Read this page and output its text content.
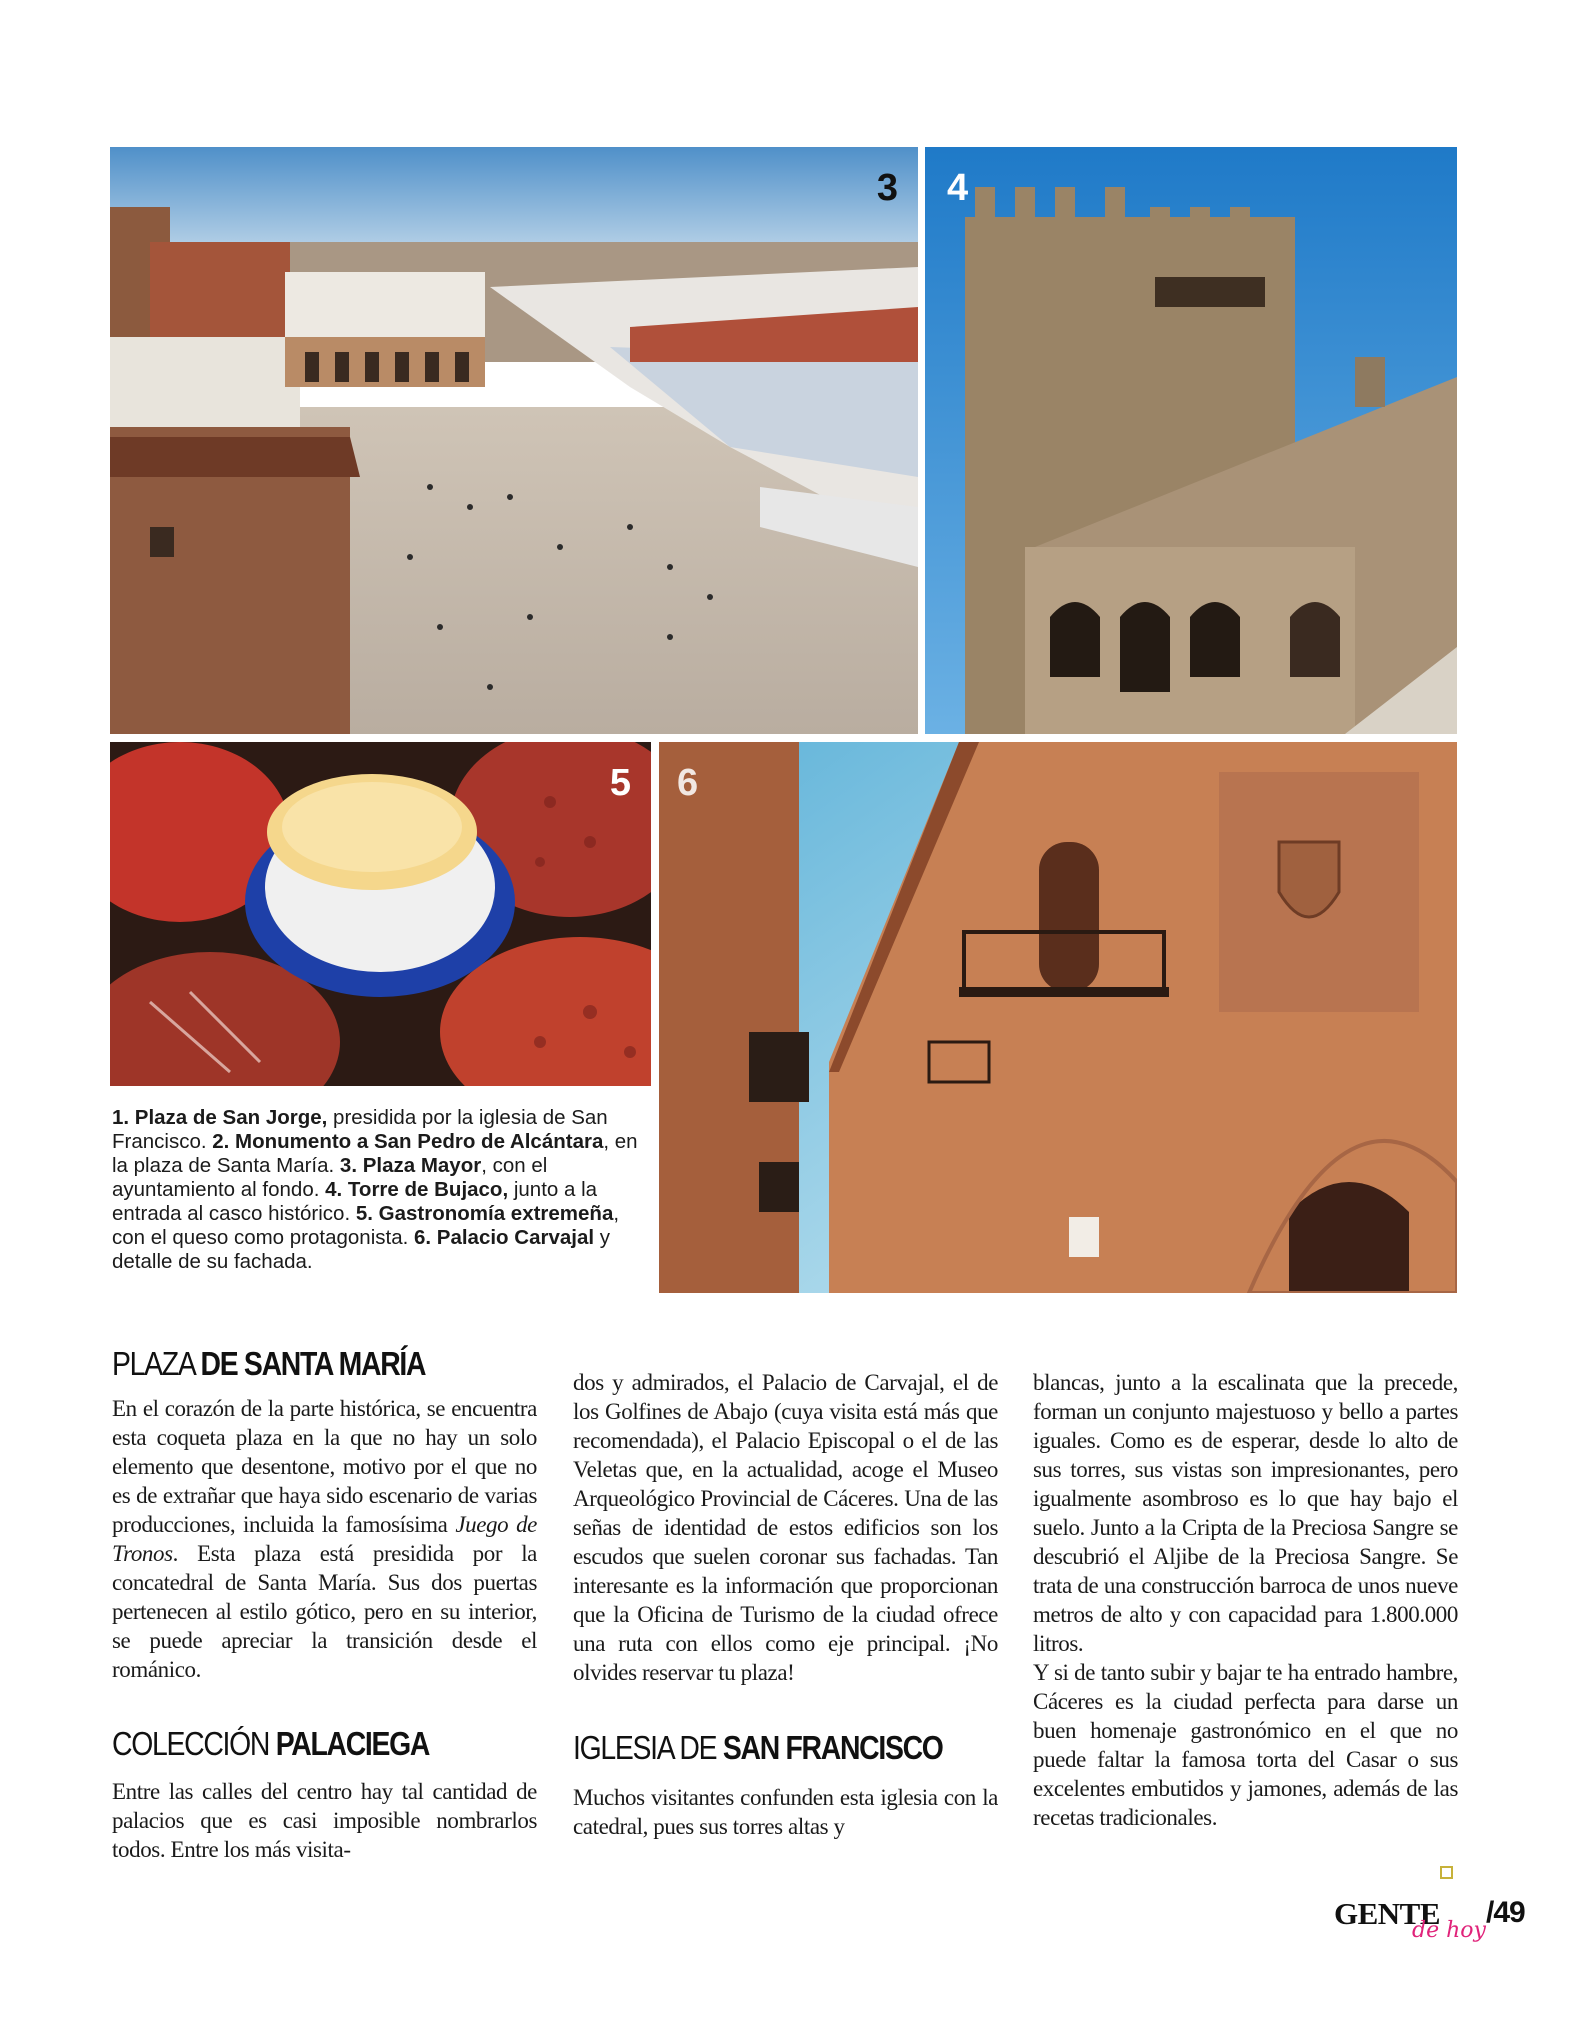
3 4
5 6
1. Plaza de San Jorge, presidida por la iglesia de San Francisco. 2. Monumento a San Pedro de Alcántara, en la plaza de Santa María. 3. Plaza Mayor, con el ayuntamiento al fondo. 4. Torre de Bujaco, junto a la entrada al casco histórico. 5. Gastronomía extremeña, con el queso como protagonista. 6. Palacio Carvajal y detalle de su fachada.
PLAZA DE SANTA MARÍA

En el corazón de la parte histórica, se encuentra esta coqueta plaza en la que no hay un solo elemento que desentone, motivo por el que no es de extrañar que haya sido escenario de varias producciones, incluida la famosísima Juego de Tronos. Esta plaza está presidida por la concatedral de Santa María. Sus dos puertas pertenecen al estilo gótico, pero en su interior, se puede apreciar la transición desde el románico.

COLECCIÓN PALACIEGA

Entre las calles del centro hay tal cantidad de palacios que es casi imposible nombrarlos todos. Entre los más visita-

dos y admirados, el Palacio de Carvajal, el de los Golfines de Abajo (cuya visita está más que recomendada), el Palacio Episcopal o el de las Veletas que, en la actualidad, acoge el Museo Arqueológico Provincial de Cáceres. Una de las señas de identidad de estos edificios son los escudos que suelen coronar sus fachadas. Tan interesante es la información que proporcionan que la Oficina de Turismo de la ciudad ofrece una ruta con ellos como eje principal. ¡No olvides reservar tu plaza!

IGLESIA DE SAN FRANCISCO

Muchos visitantes confunden esta iglesia con la catedral, pues sus torres altas y

blancas, junto a la escalinata que la precede, forman un conjunto majestuoso y bello a partes iguales. Como es de esperar, desde lo alto de sus torres, sus vistas son impresionantes, pero igualmente asombroso es lo que hay bajo el suelo. Junto a la Cripta de la Preciosa Sangre se descubrió el Aljibe de la Preciosa Sangre. Se trata de una construcción barroca de unos nueve metros de alto y con capacidad para 1.800.000 litros.

Y si de tanto subir y bajar te ha entrado hambre, Cáceres es la ciudad perfecta para darse un buen homenaje gastronómico en el que no puede faltar la famosa torta del Casar o sus excelentes embutidos y jamones, además de las recetas tradicionales.

GENTE
de hoy
/49
